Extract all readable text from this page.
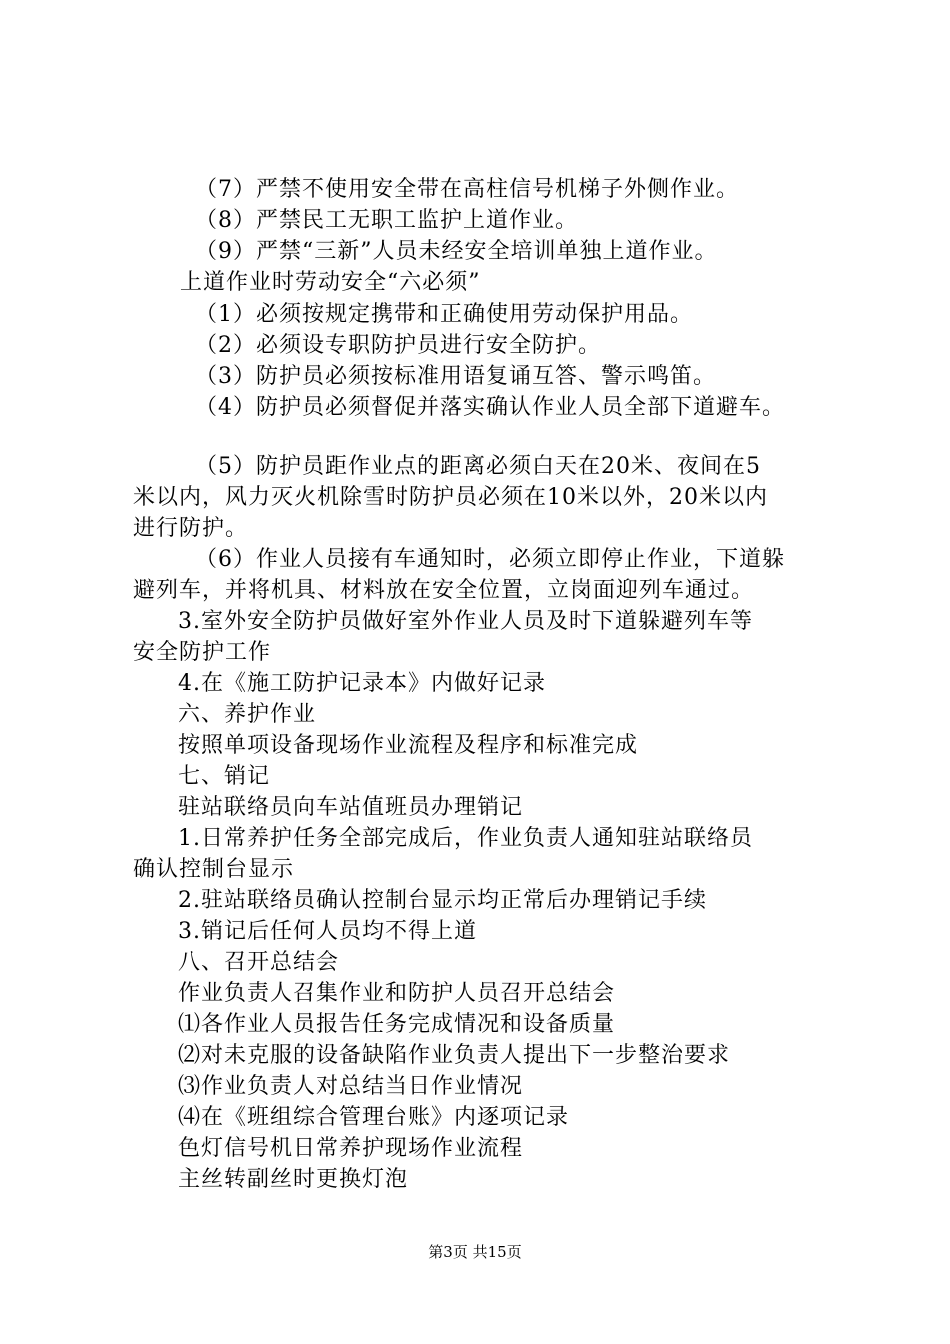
（7）严禁不使用安全带在高柱信号机梯子外侧作业。
（8）严禁民工无职工监护上道作业。
（9）严禁“三新”人员未经安全培训单独上道作业。
上道作业时劳动安全“六必须”
（1）必须按规定携带和正确使用劳动保护用品。
（2）必须设专职防护员进行安全防护。
（3）防护员必须按标准用语复诵互答、警示鸣笛。
（4）防护员必须督促并落实确认作业人员全部下道避车。
（5）防护员距作业点的距离必须白天在20米、夜间在5
米以内，风力灭火机除雪时防护员必须在10米以外，20米以内
进行防护。
（6）作业人员接有车通知时，必须立即停止作业，下道躲
避列车，并将机具、材料放在安全位置，立岗面迎列车通过。
3.室外安全防护员做好室外作业人员及时下道躲避列车等
安全防护工作
4.在《施工防护记录本》内做好记录
六、养护作业
按照单项设备现场作业流程及程序和标准完成
七、销记
驻站联络员向车站值班员办理销记
1.日常养护任务全部完成后，作业负责人通知驻站联络员
确认控制台显示
2.驻站联络员确认控制台显示均正常后办理销记手续
3.销记后任何人员均不得上道
八、召开总结会
作业负责人召集作业和防护人员召开总结会
⑴各作业人员报告任务完成情况和设备质量
⑵对未克服的设备缺陷作业负责人提出下一步整治要求
⑶作业负责人对总结当日作业情况
⑷在《班组综合管理台账》内逐项记录
色灯信号机日常养护现场作业流程
主丝转副丝时更换灯泡
第3页 共15页
